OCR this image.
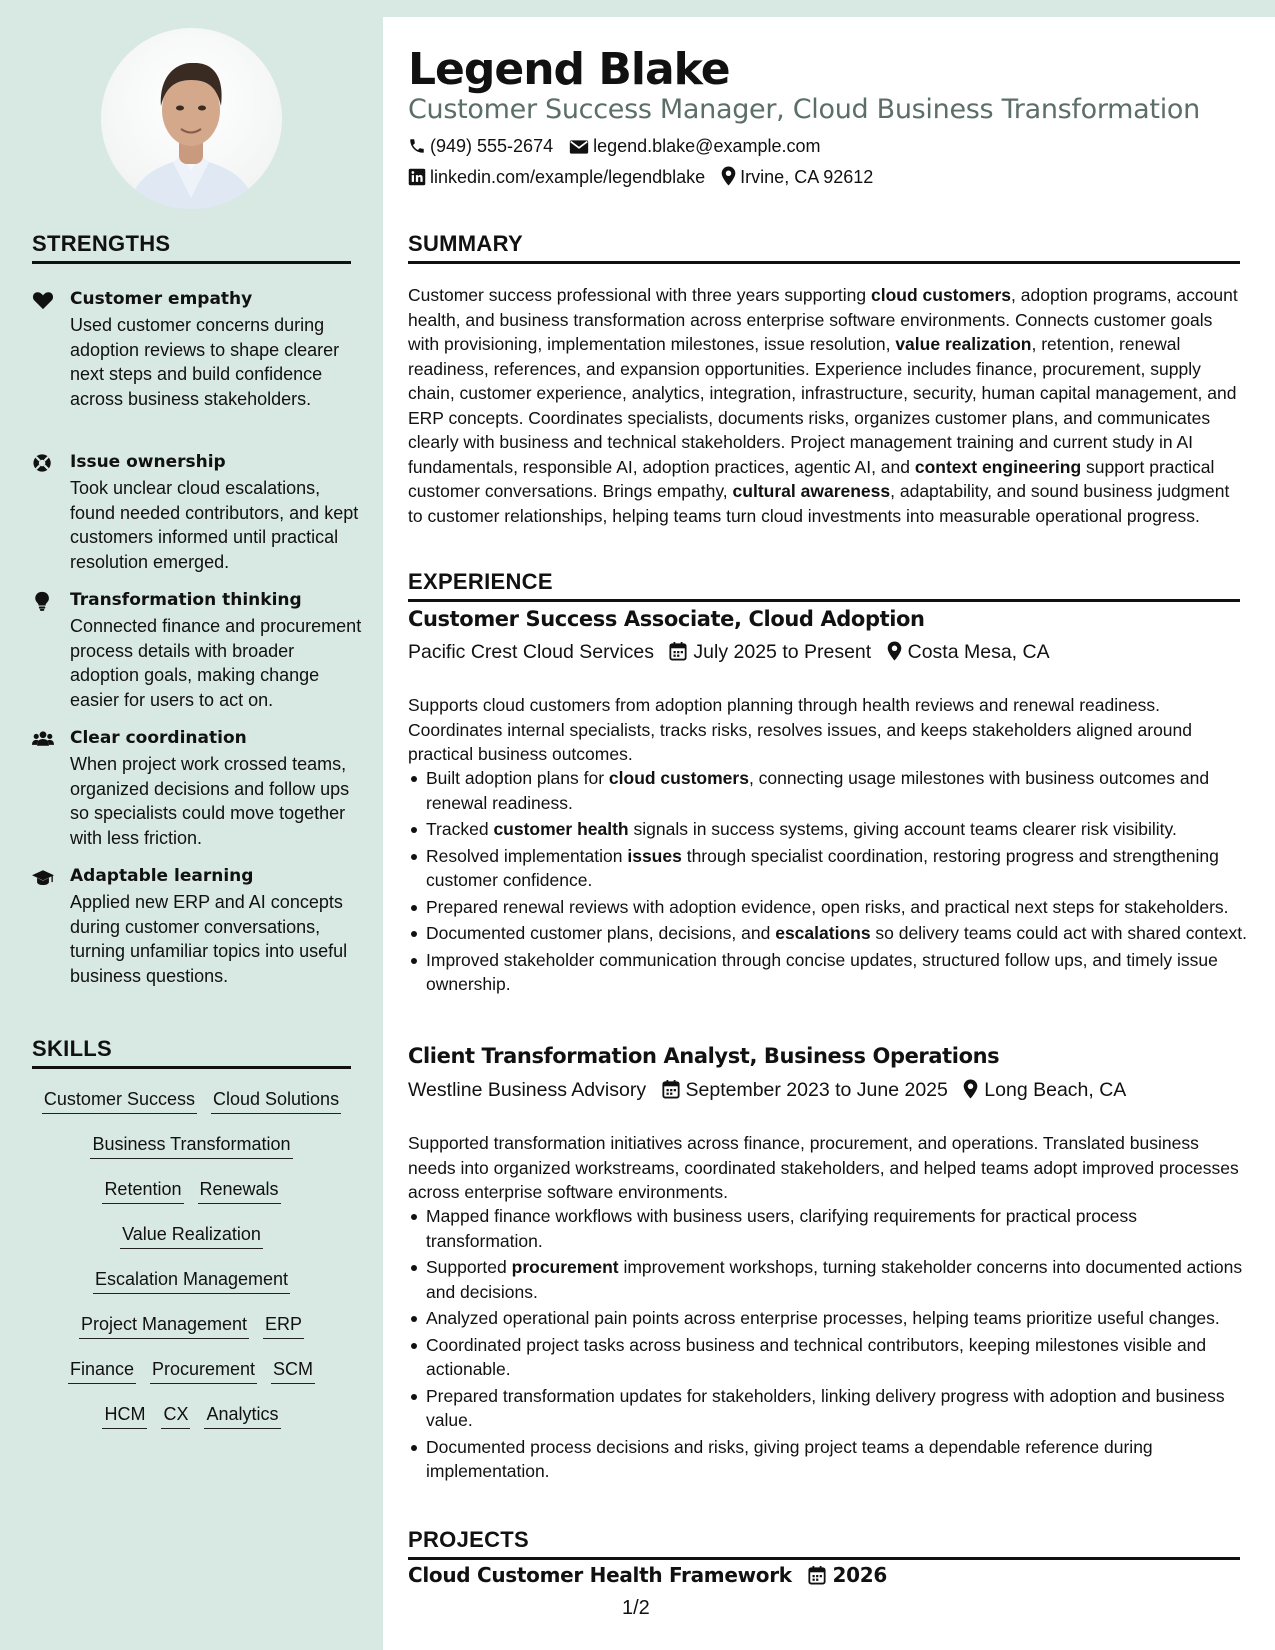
STRENGTHS
Customer empathy
Used customer concerns during adoption reviews to shape clearer next steps and build confidence across business stakeholders.
Issue ownership
Took unclear cloud escalations, found needed contributors, and kept customers informed until practical resolution emerged.
Transformation thinking
Connected finance and procurement process details with broader adoption goals, making change easier for users to act on.
Clear coordination
When project work crossed teams, organized decisions and follow ups so specialists could move together with less friction.
Adaptable learning
Applied new ERP and AI concepts during customer conversations, turning unfamiliar topics into useful business questions.
SKILLS
Customer Success Cloud Solutions
Business Transformation
Retention Renewals
Value Realization
Escalation Management
Project Management ERP
Finance Procurement SCM
HCM CX Analytics
Legend Blake
Customer Success Manager, Cloud Business Transformation
(949) 555-2674 legend.blake@example.com
linkedin.com/example/legendblake Irvine, CA 92612
SUMMARY
Customer success professional with three years supporting cloud customers, adoption programs, account health, and business transformation across enterprise software environments. Connects customer goals with provisioning, implementation milestones, issue resolution, value realization, retention, renewal readiness, references, and expansion opportunities. Experience includes finance, procurement, supply chain, customer experience, analytics, integration, infrastructure, security, human capital management, and ERP concepts. Coordinates specialists, documents risks, organizes customer plans, and communicates clearly with business and technical stakeholders. Project management training and current study in AI fundamentals, responsible AI, adoption practices, agentic AI, and context engineering support practical customer conversations. Brings empathy, cultural awareness, adaptability, and sound business judgment to customer relationships, helping teams turn cloud investments into measurable operational progress.
EXPERIENCE
Customer Success Associate, Cloud Adoption
Pacific Crest Cloud Services July 2025 to Present Costa Mesa, CA
Supports cloud customers from adoption planning through health reviews and renewal readiness. Coordinates internal specialists, tracks risks, resolves issues, and keeps stakeholders aligned around practical business outcomes.
Built adoption plans for cloud customers, connecting usage milestones with business outcomes and renewal readiness.
Tracked customer health signals in success systems, giving account teams clearer risk visibility.
Resolved implementation issues through specialist coordination, restoring progress and strengthening customer confidence.
Prepared renewal reviews with adoption evidence, open risks, and practical next steps for stakeholders.
Documented customer plans, decisions, and escalations so delivery teams could act with shared context.
Improved stakeholder communication through concise updates, structured follow ups, and timely issue ownership.
Client Transformation Analyst, Business Operations
Westline Business Advisory September 2023 to June 2025 Long Beach, CA
Supported transformation initiatives across finance, procurement, and operations. Translated business needs into organized workstreams, coordinated stakeholders, and helped teams adopt improved processes across enterprise software environments.
Mapped finance workflows with business users, clarifying requirements for practical process transformation.
Supported procurement improvement workshops, turning stakeholder concerns into documented actions and decisions.
Analyzed operational pain points across enterprise processes, helping teams prioritize useful changes.
Coordinated project tasks across business and technical contributors, keeping milestones visible and actionable.
Prepared transformation updates for stakeholders, linking delivery progress with adoption and business value.
Documented process decisions and risks, giving project teams a dependable reference during implementation.
PROJECTS
Cloud Customer Health Framework 2026
1/2
